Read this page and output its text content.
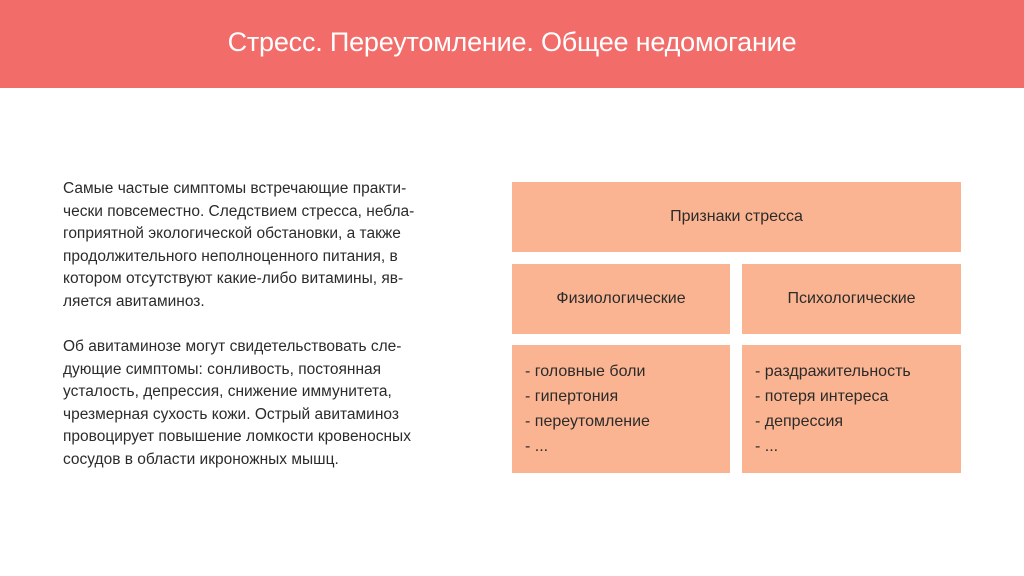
Стресс. Переутомление. Общее недомогание
Самые частые симптомы встречающие практи-
чески повсеместно. Следствием стресса, небла-
гоприятной экологической обстановки, а также
продолжительного неполноценного питания, в
котором отсутствуют какие-либо витамины, яв-
ляется авитаминоз.
Об авитаминозе могут свидетельствовать сле-
дующие симптомы: сонливость, постоянная
усталость, депрессия, снижение иммунитета,
чрезмерная сухость кожи. Острый авитаминоз
провоцирует повышение ломкости кровеносных
сосудов в области икроножных мышц.
Признаки стресса
Физиологические	Психологические
- головные боли
- гипертония
- переутомление
- ...
- раздражительность
- потеря интереса
- депрессия
- ...
